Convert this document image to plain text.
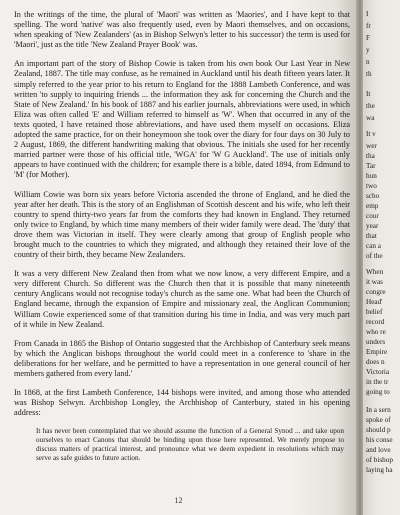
In the writings of the time, the plural of 'Maori' was written as 'Maories', and I have kept to that spelling. The word 'native' was also frequently used, even by Maori themselves, and on occasions, when speaking of 'New Zealanders' (as in Bishop Selwyn's letter to his successor) the term is used for 'Maori', just as the title 'New Zealand Prayer Book' was.

An important part of the story of Bishop Cowie is taken from his own book Our Last Year in New Zealand, 1887. The title may confuse, as he remained in Auckland until his death fifteen years later. It simply referred to the year prior to his return to England for the 1888 Lambeth Conference, and was written 'to supply to inquiring friends ... the information they ask for concerning the Church and the State of New Zealand.' In his book of 1887 and his earlier journals, abbreviations were used, in which Eliza was often called 'E' and William referred to himself as 'W'. When that occurred in any of the texts quoted, I have retained those abbreviations, and have used them myself on occasions. Eliza adopted the same practice, for on their honeymoon she took over the diary for four days on 30 July to 2 August, 1869, the different handwriting making that obvious. The initials she used for her recently married partner were those of his official title, 'WGA' for 'W G Auckland'. The use of initials only appears to have continued with the children; for example there is a bible, dated 1894, from Edmund to 'M' (for Mother).

William Cowie was born six years before Victoria ascended the throne of England, and he died the year after her death. This is the story of an Englishman of Scottish descent and his wife, who left their country to spend thirty-two years far from the comforts they had known in England. They returned only twice to England, by which time many members of their wider family were dead. The 'duty' that drove them was Victorian in itself. They were clearly among that group of English people who brought much to the countries to which they migrated, and although they retained their love of the country of their birth, they became New Zealanders.

It was a very different New Zealand then from what we now know, a very different Empire, and a very different Church. So different was the Church then that it is possible that many nineteenth century Anglicans would not recognise today's church as the same one. What had been the Church of England became, through the expansion of Empire and missionary zeal, the Anglican Communion; William Cowie experienced some of that transition during his time in India, and was very much part of it while in New Zealand.

From Canada in 1865 the Bishop of Ontario suggested that the Archbishop of Canterbury seek means by which the Anglican bishops throughout the world could meet in a conference to 'share in the deliberations for her welfare, and be permitted to have a representation in one general council of her members gathered from every land.'

In 1868, at the first Lambeth Conference, 144 bishops were invited, and among those who attended was Bishop Selwyn. Archbishop Longley, the Archbishop of Canterbury, stated in his opening address:

It has never been contemplated that we should assume the function of a General Synod ... and take upon ourselves to enact Canons that should be binding upon those here represented. We merely propose to discuss matters of practical interest, and pronounce what we deem expedient in resolutions which may serve as safe guides to future action.

12
I
fr
F
y
n
th
It
the
wa
It v
wer
tha
Tar
hun
two
scho
emp
cour
year
that
can a
of the
When
it was
congre
Head'
belief
record
who re
unders
Empire
does n
Victoria
in the tr
going to
In a sern
spoke of
should p
his conse
and love
of bishop
laying ha
